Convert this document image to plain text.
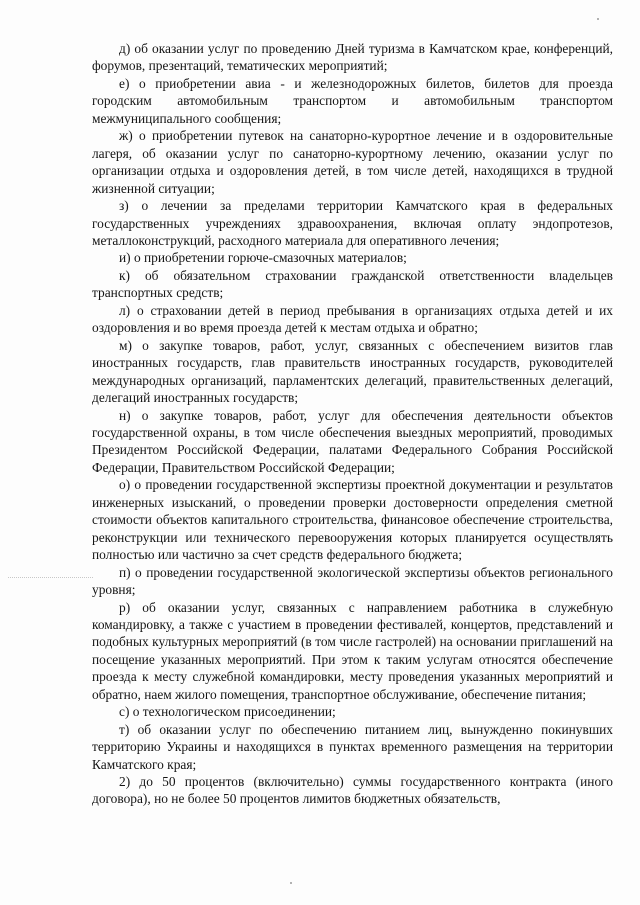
д) об оказании услуг по проведению Дней туризма в Камчатском крае, конференций, форумов, презентаций, тематических мероприятий;

е) о приобретении авиа - и железнодорожных билетов, билетов для проезда городским автомобильным транспортом и автомобильным транспортом межмуниципального сообщения;

ж) о приобретении путевок на санаторно-курортное лечение и в оздоровительные лагеря, об оказании услуг по санаторно-курортному лечению, оказании услуг по организации отдыха и оздоровления детей, в том числе детей, находящихся в трудной жизненной ситуации;

з) о лечении за пределами территории Камчатского края в федеральных государственных учреждениях здравоохранения, включая оплату эндопротезов, металлоконструкций, расходного материала для оперативного лечения;

и) о приобретении горюче-смазочных материалов;

к) об обязательном страховании гражданской ответственности владельцев транспортных средств;

л) о страховании детей в период пребывания в организациях отдыха детей и их оздоровления и во время проезда детей к местам отдыха и обратно;

м) о закупке товаров, работ, услуг, связанных с обеспечением визитов глав иностранных государств, глав правительств иностранных государств, руководителей международных организаций, парламентских делегаций, правительственных делегаций, делегаций иностранных государств;

н) о закупке товаров, работ, услуг для обеспечения деятельности объектов государственной охраны, в том числе обеспечения выездных мероприятий, проводимых Президентом Российской Федерации, палатами Федерального Собрания Российской Федерации, Правительством Российской Федерации;

о) о проведении государственной экспертизы проектной документации и результатов инженерных изысканий, о проведении проверки достоверности определения сметной стоимости объектов капитального строительства, финансовое обеспечение строительства, реконструкции или технического перевооружения которых планируется осуществлять полностью или частично за счет средств федерального бюджета;

п) о проведении государственной экологической экспертизы объектов регионального уровня;

р) об оказании услуг, связанных с направлением работника в служебную командировку, а также с участием в проведении фестивалей, концертов, представлений и подобных культурных мероприятий (в том числе гастролей) на основании приглашений на посещение указанных мероприятий. При этом к таким услугам относятся обеспечение проезда к месту служебной командировки, месту проведения указанных мероприятий и обратно, наем жилого помещения, транспортное обслуживание, обеспечение питания;

с) о технологическом присоединении;

т) об оказании услуг по обеспечению питанием лиц, вынужденно покинувших территорию Украины и находящихся в пунктах временного размещения на территории Камчатского края;

2) до 50 процентов (включительно) суммы государственного контракта (иного договора), но не более 50 процентов лимитов бюджетных обязательств,
